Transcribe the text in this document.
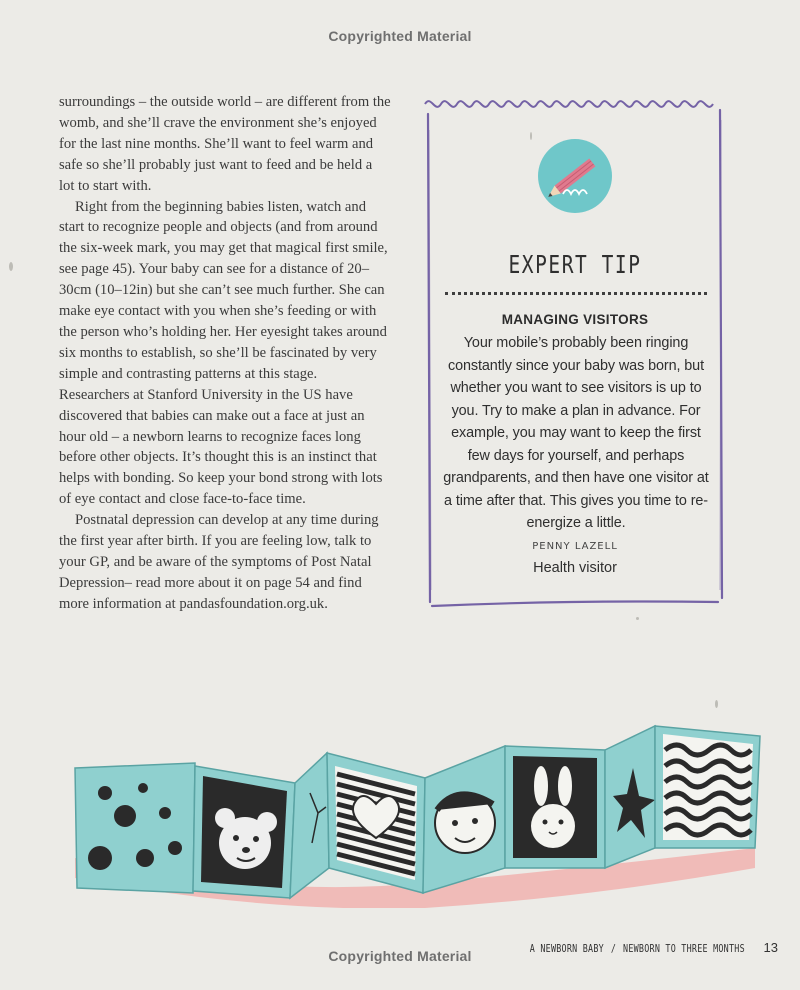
Copyrighted Material

surroundings – the outside world – are different from the womb, and she’ll crave the environment she’s enjoyed for the last nine months. She’ll want to feel warm and safe so she’ll probably just want to feed and be held a lot to start with.

Right from the beginning babies listen, watch and start to recognize people and objects (and from around the six-week mark, you may get that magical first smile, see page 45). Your baby can see for a distance of 20–30cm (10–12in) but she can’t see much further. She can make eye contact with you when she’s feeding or with the person who’s holding her. Her eyesight takes around six months to establish, so she’ll be fascinated by very simple and contrasting patterns at this stage. Researchers at Stanford University in the US have discovered that babies can make out a face at just an hour old – a newborn learns to recognize faces long before other objects. It’s thought this is an instinct that helps with bonding. So keep your bond strong with lots of eye contact and close face-to-face time.

Postnatal depression can develop at any time during the first year after birth. If you are feeling low, talk to your GP, and be aware of the symptoms of Post Natal Depression– read more about it on page 54 and find more information at pandasfoundation.org.uk.

EXPERT TIP
MANAGING VISITORS
Your mobile’s probably been ringing constantly since your baby was born, but whether you want to see visitors is up to you. Try to make a plan in advance. For example, you may want to keep the first few days for yourself, and perhaps grandparents, and then have one visitor at a time after that. This gives you time to re-energize a little.
PENNY LAZELL
Health visitor
A NEWBORN BABY / NEWBORN TO THREE MONTHS 13
Copyrighted Material
